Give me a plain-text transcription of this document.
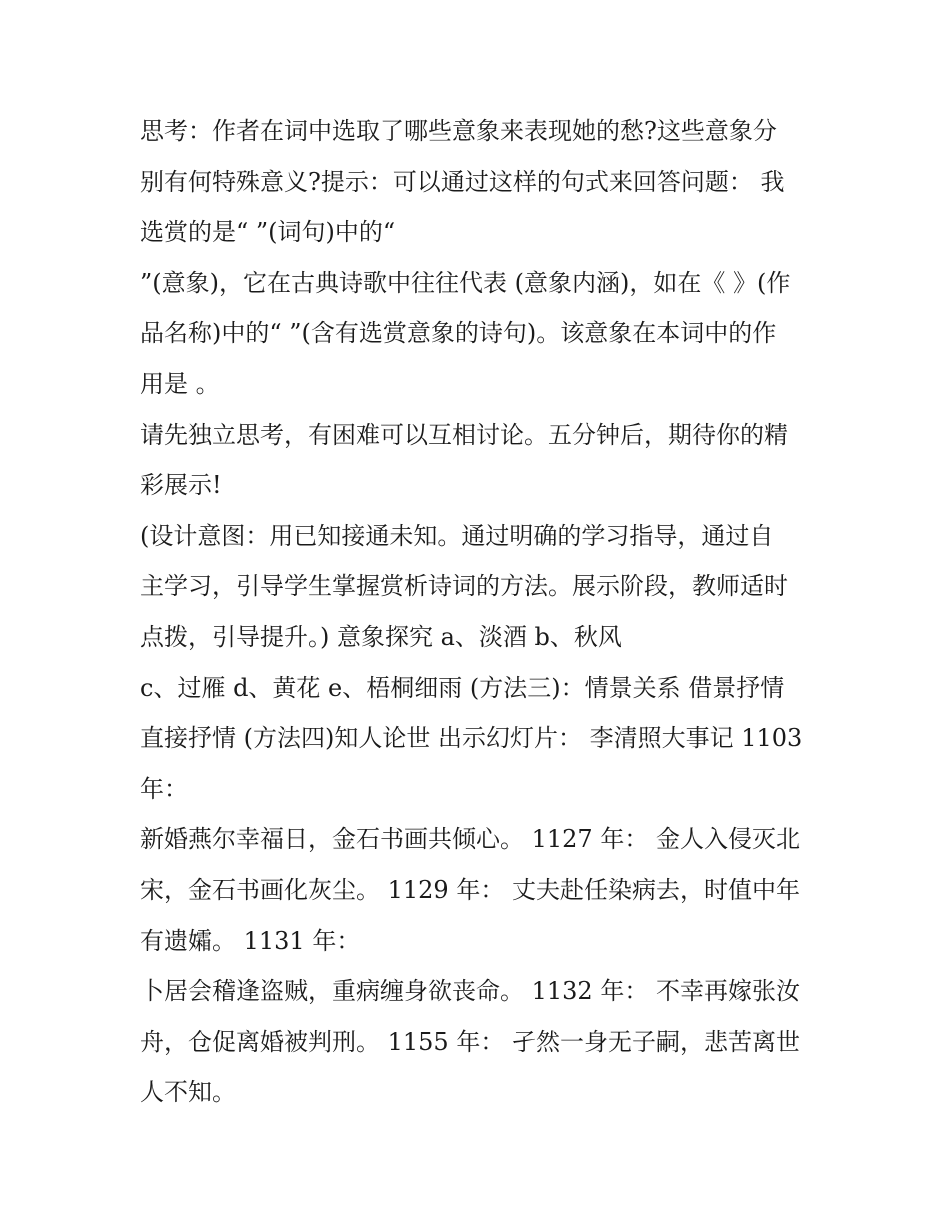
思考：作者在词中选取了哪些意象来表现她的愁?这些意象分
别有何特殊意义?提示：可以通过这样的句式来回答问题： 我
选赏的是“ ”(词句)中的“
”(意象)，它在古典诗歌中往往代表 (意象内涵)，如在《 》(作
品名称)中的“ ”(含有选赏意象的诗句)。该意象在本词中的作
用是 。
请先独立思考，有困难可以互相讨论。五分钟后，期待你的精
彩展示!
(设计意图：用已知接通未知。通过明确的学习指导，通过自
主学习，引导学生掌握赏析诗词的方法。展示阶段，教师适时
点拨，引导提升。) 意象探究 a、淡酒 b、秋风
c、过雁 d、黄花 e、梧桐细雨 (方法三)：情景关系 借景抒情
直接抒情 (方法四)知人论世 出示幻灯片： 李清照大事记 1103
年：
新婚燕尔幸福日，金石书画共倾心。 1127 年： 金人入侵灭北
宋，金石书画化灰尘。 1129 年： 丈夫赴任染病去，时值中年
有遗孀。 1131 年：
卜居会稽逢盗贼，重病缠身欲丧命。 1132 年： 不幸再嫁张汝
舟，仓促离婚被判刑。 1155 年： 孑然一身无子嗣，悲苦离世
人不知。
